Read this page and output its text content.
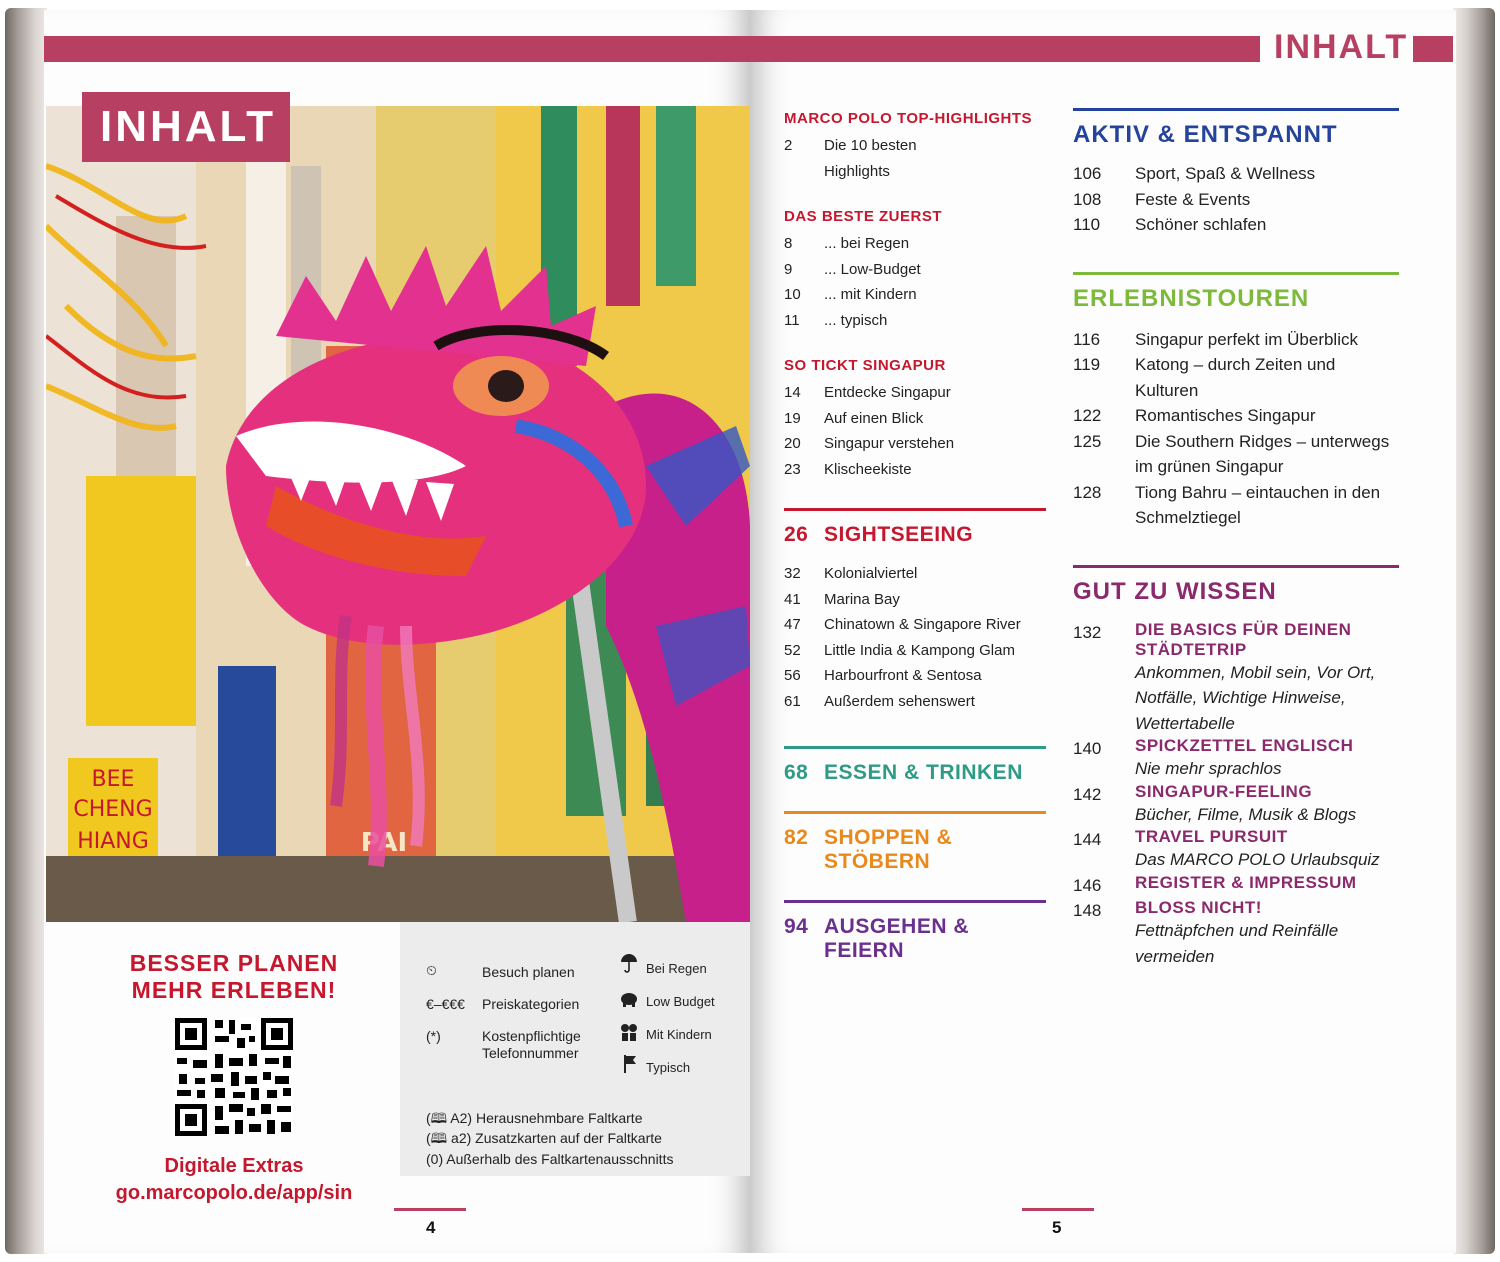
BEE
CHENG
HIANG	PAI
INHALT
BESSER PLANEN
MEHR ERLEBEN!
Digitale Extras
go.marcopolo.de/app/sin
⏲	Besuch planen
€–€€€ Preiskategorien
(*)	Kostenpflichtige Telefonnummer
Bei Regen
Low Budget
Mit Kindern
Typisch
(🕮 A2) Herausnehmbare Faltkarte
(🕮 a2) Zusatzkarten auf der Faltkarte
(0) Außerhalb des Faltkartenausschnitts
4
INHALT
MARCO POLO TOP-HIGHLIGHTS
2	Die 10 besten
Highlights
DAS BESTE ZUERST
8	... bei Regen
9	... Low-Budget
10	... mit Kindern
11	... typisch
SO TICKT SINGAPUR
14	Entdecke Singapur
19	Auf einen Blick
20	Singapur verstehen
23	Klischeekiste
26 SIGHTSEEING
32	Kolonialviertel
41	Marina Bay
47	Chinatown & Singapore River
52	Little India & Kampong Glam
56	Harbourfront & Sentosa
61	Außerdem sehenswert
68 ESSEN & TRINKEN
82 SHOPPEN & STÖBERN
94 AUSGEHEN & FEIERN
AKTIV & ENTSPANNT
106	Sport, Spaß & Wellness
108	Feste & Events
110	Schöner schlafen
ERLEBNISTOUREN
116	Singapur perfekt im Überblick
119	Katong – durch Zeiten und Kulturen
122	Romantisches Singapur
125	Die Southern Ridges – unterwegs im grünen Singapur
128	Tiong Bahru – eintauchen in den Schmelztiegel
GUT ZU WISSEN
132	DIE BASICS FÜR DEINEN STÄDTETRIP
Ankommen, Mobil sein, Vor Ort, Notfälle, Wichtige Hinweise, Wettertabelle
140	SPICKZETTEL ENGLISCH
Nie mehr sprachlos
142	SINGAPUR-FEELING
Bücher, Filme, Musik & Blogs
144	TRAVEL PURSUIT
Das MARCO POLO Urlaubsquiz
146	REGISTER & IMPRESSUM
148	BLOSS NICHT!
Fettnäpfchen und Reinfälle vermeiden
5
